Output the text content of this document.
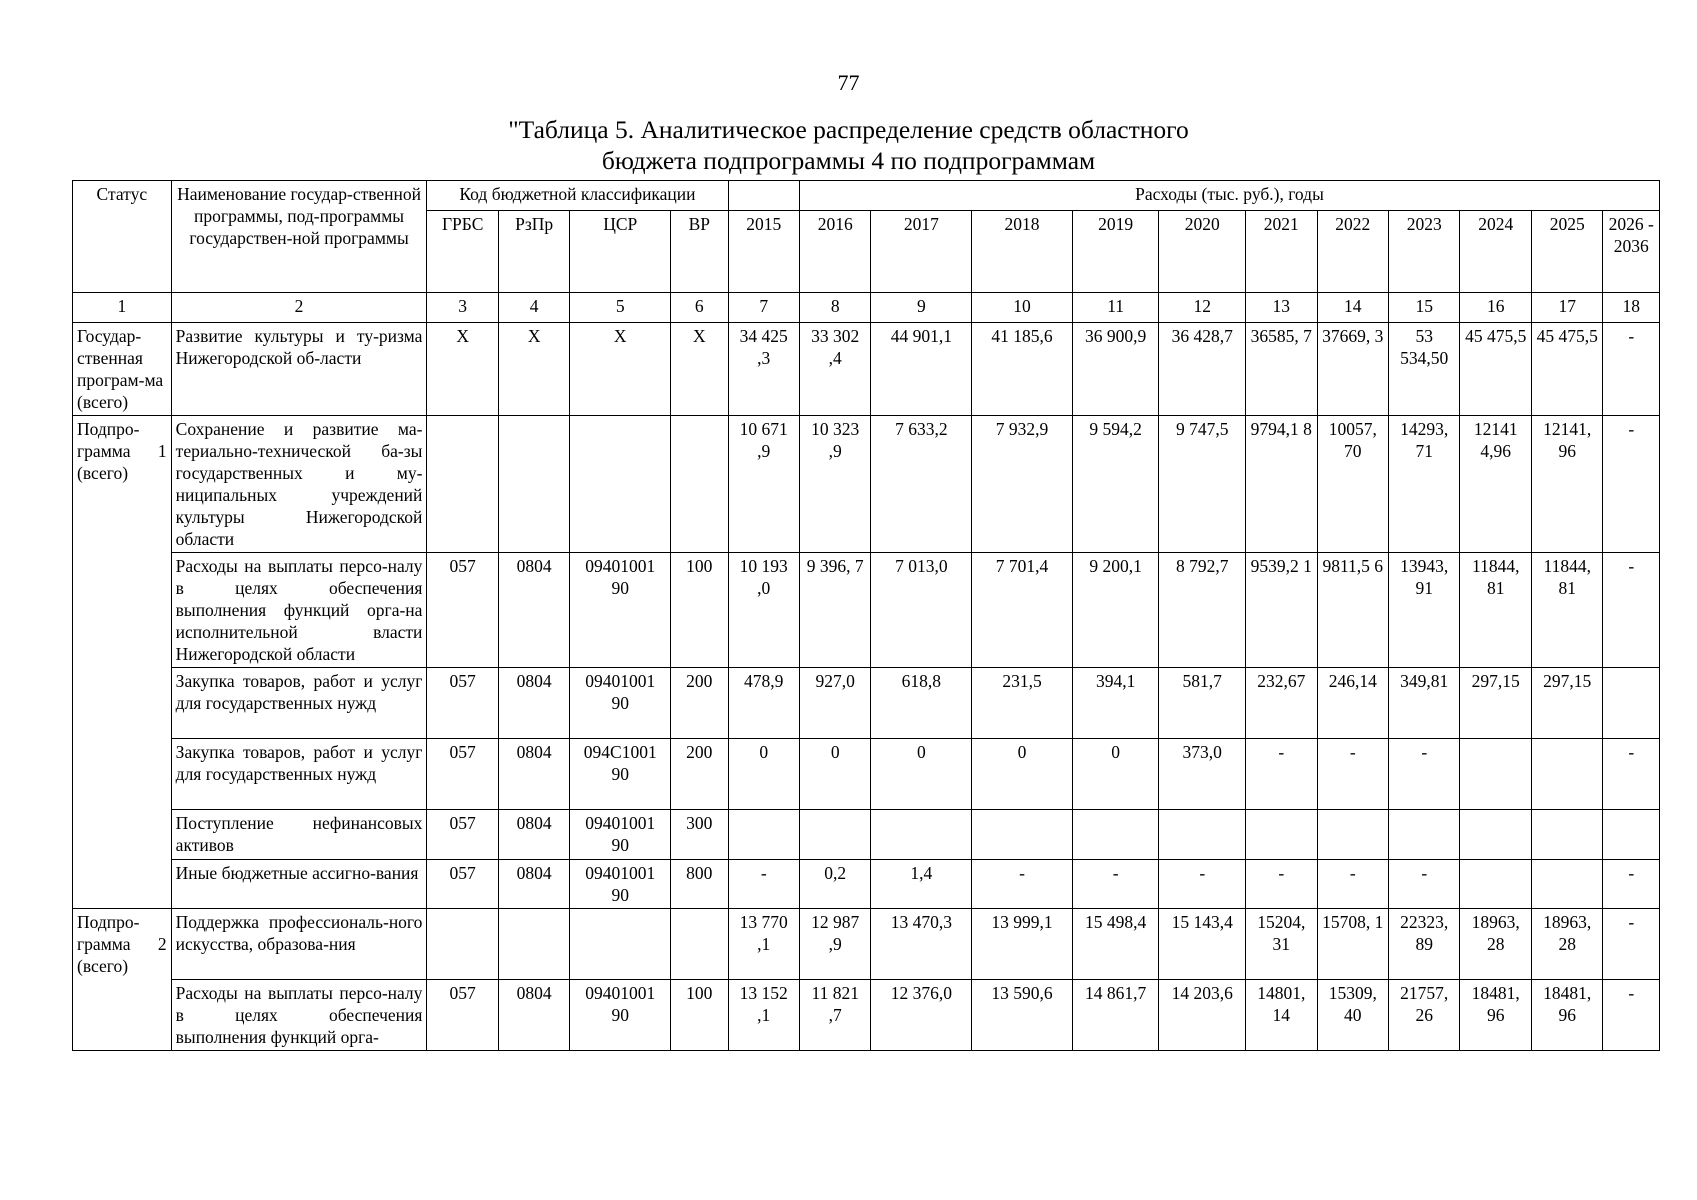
77
"Таблица 5. Аналитическое распределение средств областного
бюджета подпрограммы 4 по подпрограммам
Статус	Наименование государ-ственной программы, под-программы государствен-ной программы	Код бюджетной классификации					Расходы (тыс. руб.), годы										
		ГРБС	РзПр	ЦСР	ВР	2015	2016	2017	2018	2019	2020	2021	2022	2023	2024	2025	2026 - 2036
1	2	3	4	5	6	7	8	9	10	11	12	13	14	15	16	17	18
Государ-ственная програм-ма (всего)	Развитие культуры и ту-ризма Нижегородской об-ласти	Х	Х	Х	Х	34 425 ,3	33 302 ,4	44 901,1	41 185,6	36 900,9	36 428,7	36585, 7	37669, 3	53 534,50	45 475,5	45 475,5	-
Подпро-грамма 1 (всего)	Сохранение и развитие ма-териально-технической ба-зы государственных и му-ниципальных учреждений культуры Нижегородской области					10 671 ,9	10 323 ,9	7 633,2	7 932,9	9 594,2	9 747,5	9794,1 8	10057, 70	14293, 71	12141 4,96	12141, 96	-
	Расходы на выплаты персо-налу в целях обеспечения выполнения функций орга-на исполнительной власти Нижегородской области	057	0804	09401001 90	100	10 193 ,0	9 396, 7	7 013,0	7 701,4	9 200,1	8 792,7	9539,2 1	9811,5 6	13943, 91	11844, 81	11844, 81	-
	Закупка товаров, работ и услуг для государственных нужд	057	0804	09401001 90	200	478,9	927,0	618,8	231,5	394,1	581,7	232,67	246,14	349,81	297,15	297,15	
	Закупка товаров, работ и услуг для государственных нужд	057	0804	094С1001 90	200	0	0	0	0	0	373,0	-	-	-			-
	Поступление нефинансовых активов	057	0804	09401001 90	300												
	Иные бюджетные ассигно-вания	057	0804	09401001 90	800	-	0,2	1,4	-	-	-	-	-	-			-
Подпро-грамма 2 (всего)	Поддержка профессиональ-ного искусства, образова-ния					13 770 ,1	12 987 ,9	13 470,3	13 999,1	15 498,4	15 143,4	15204, 31	15708, 1	22323, 89	18963, 28	18963, 28	-
	Расходы на выплаты персо-налу в целях обеспечения выполнения функций орга-	057	0804	09401001 90	100	13 152 ,1	11 821 ,7	12 376,0	13 590,6	14 861,7	14 203,6	14801, 14	15309, 40	21757, 26	18481, 96	18481, 96	-
